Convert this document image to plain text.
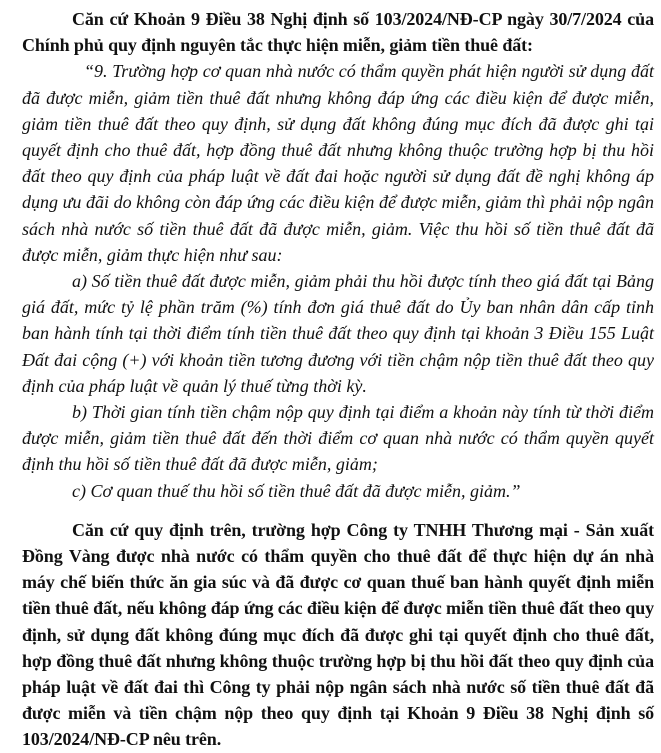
Căn cứ Khoản 9 Điều 38 Nghị định số 103/2024/NĐ-CP ngày 30/7/2024 của Chính phủ quy định nguyên tắc thực hiện miễn, giảm tiền thuê đất:

“9. Trường hợp cơ quan nhà nước có thẩm quyền phát hiện người sử dụng đất đã được miễn, giảm tiền thuê đất nhưng không đáp ứng các điều kiện để được miễn, giảm tiền thuê đất theo quy định, sử dụng đất không đúng mục đích đã được ghi tại quyết định cho thuê đất, hợp đồng thuê đất nhưng không thuộc trường hợp bị thu hồi đất theo quy định của pháp luật về đất đai hoặc người sử dụng đất đề nghị không áp dụng ưu đãi do không còn đáp ứng các điều kiện để được miễn, giảm thì phải nộp ngân sách nhà nước số tiền thuê đất đã được miễn, giảm. Việc thu hồi số tiền thuê đất đã được miễn, giảm thực hiện như sau:

a) Số tiền thuê đất được miễn, giảm phải thu hồi được tính theo giá đất tại Bảng giá đất, mức tỷ lệ phần trăm (%) tính đơn giá thuê đất do Ủy ban nhân dân cấp tỉnh ban hành tính tại thời điểm tính tiền thuê đất theo quy định tại khoản 3 Điều 155 Luật Đất đai cộng (+) với khoản tiền tương đương với tiền chậm nộp tiền thuê đất theo quy định của pháp luật về quản lý thuế từng thời kỳ.

b) Thời gian tính tiền chậm nộp quy định tại điểm a khoản này tính từ thời điểm được miễn, giảm tiền thuê đất đến thời điểm cơ quan nhà nước có thẩm quyền quyết định thu hồi số tiền thuê đất đã được miễn, giảm;

c) Cơ quan thuế thu hồi số tiền thuê đất đã được miễn, giảm.”

Căn cứ quy định trên, trường hợp Công ty TNHH Thương mại - Sản xuất Đồng Vàng được nhà nước có thẩm quyền cho thuê đất để thực hiện dự án nhà máy chế biến thức ăn gia súc và đã được cơ quan thuế ban hành quyết định miễn tiền thuê đất, nếu không đáp ứng các điều kiện để được miễn tiền thuê đất theo quy định, sử dụng đất không đúng mục đích đã được ghi tại quyết định cho thuê đất, hợp đồng thuê đất nhưng không thuộc trường hợp bị thu hồi đất theo quy định của pháp luật về đất đai thì Công ty phải nộp ngân sách nhà nước số tiền thuê đất đã được miễn và tiền chậm nộp theo quy định tại Khoản 9 Điều 38 Nghị định số 103/2024/NĐ-CP nêu trên.
